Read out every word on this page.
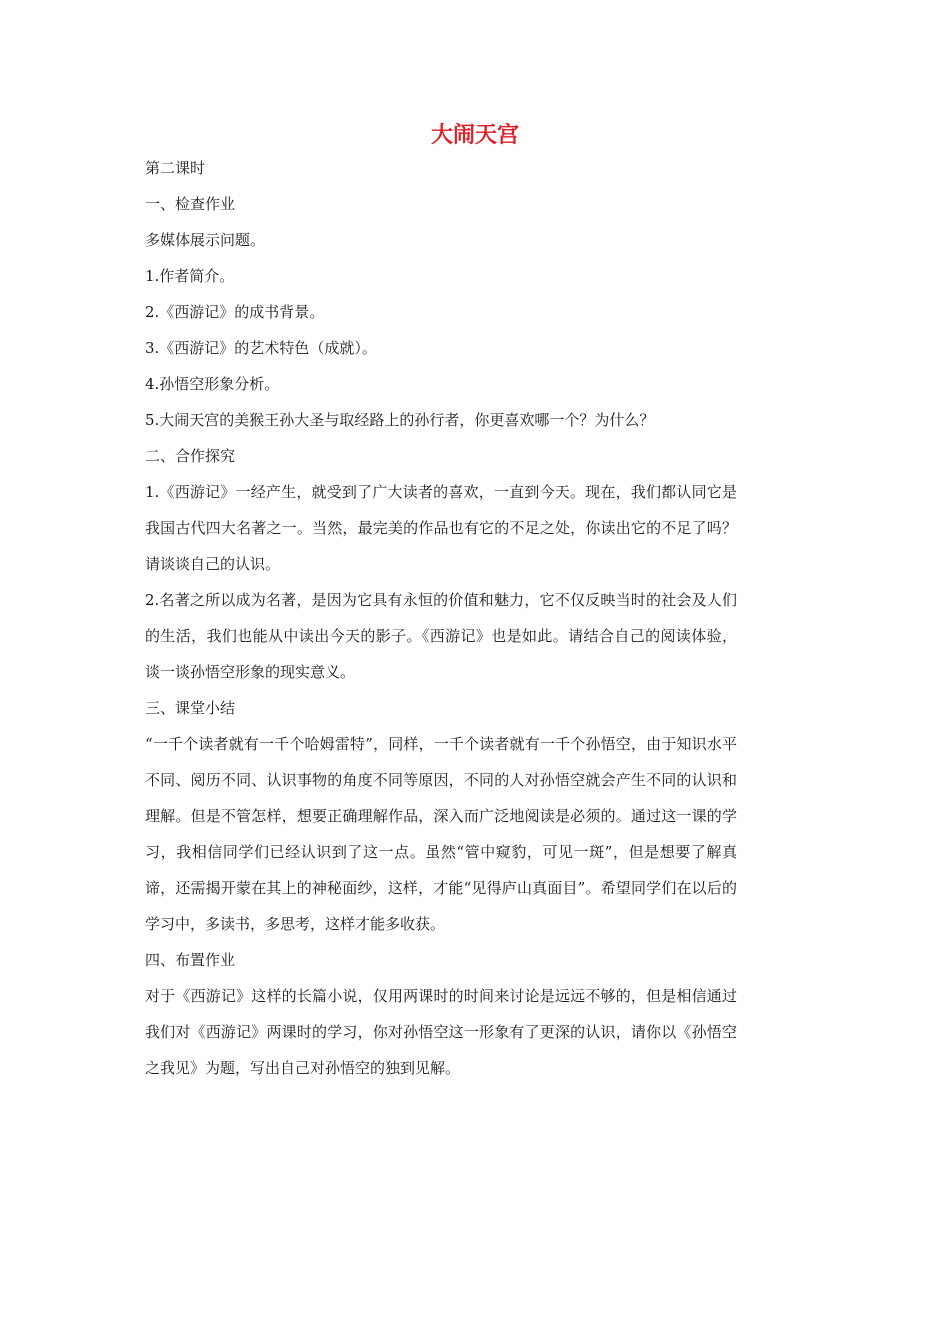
大闹天宫

第二课时

一、检查作业

多媒体展示问题。

1.作者简介。

2.《西游记》的成书背景。

3.《西游记》的艺术特色（成就）。

4.孙悟空形象分析。

5.大闹天宫的美猴王孙大圣与取经路上的孙行者，你更喜欢哪一个？为什么？

二、合作探究

1.《西游记》一经产生，就受到了广大读者的喜欢，一直到今天。现在，我们都认同它是我国古代四大名著之一。当然，最完美的作品也有它的不足之处，你读出它的不足了吗？请谈谈自己的认识。

2.名著之所以成为名著，是因为它具有永恒的价值和魅力，它不仅反映当时的社会及人们的生活，我们也能从中读出今天的影子。《西游记》也是如此。请结合自己的阅读体验，谈一谈孙悟空形象的现实意义。

三、课堂小结

“一千个读者就有一千个哈姆雷特”，同样，一千个读者就有一千个孙悟空，由于知识水平不同、阅历不同、认识事物的角度不同等原因，不同的人对孙悟空就会产生不同的认识和理解。但是不管怎样，想要正确理解作品，深入而广泛地阅读是必须的。通过这一课的学习，我相信同学们已经认识到了这一点。虽然“管中窥豹，可见一斑”，但是想要了解真谛，还需揭开蒙在其上的神秘面纱，这样，才能“见得庐山真面目”。希望同学们在以后的学习中，多读书，多思考，这样才能多收获。

四、布置作业

对于《西游记》这样的长篇小说，仅用两课时的时间来讨论是远远不够的，但是相信通过我们对《西游记》两课时的学习，你对孙悟空这一形象有了更深的认识，请你以《孙悟空之我见》为题，写出自己对孙悟空的独到见解。
